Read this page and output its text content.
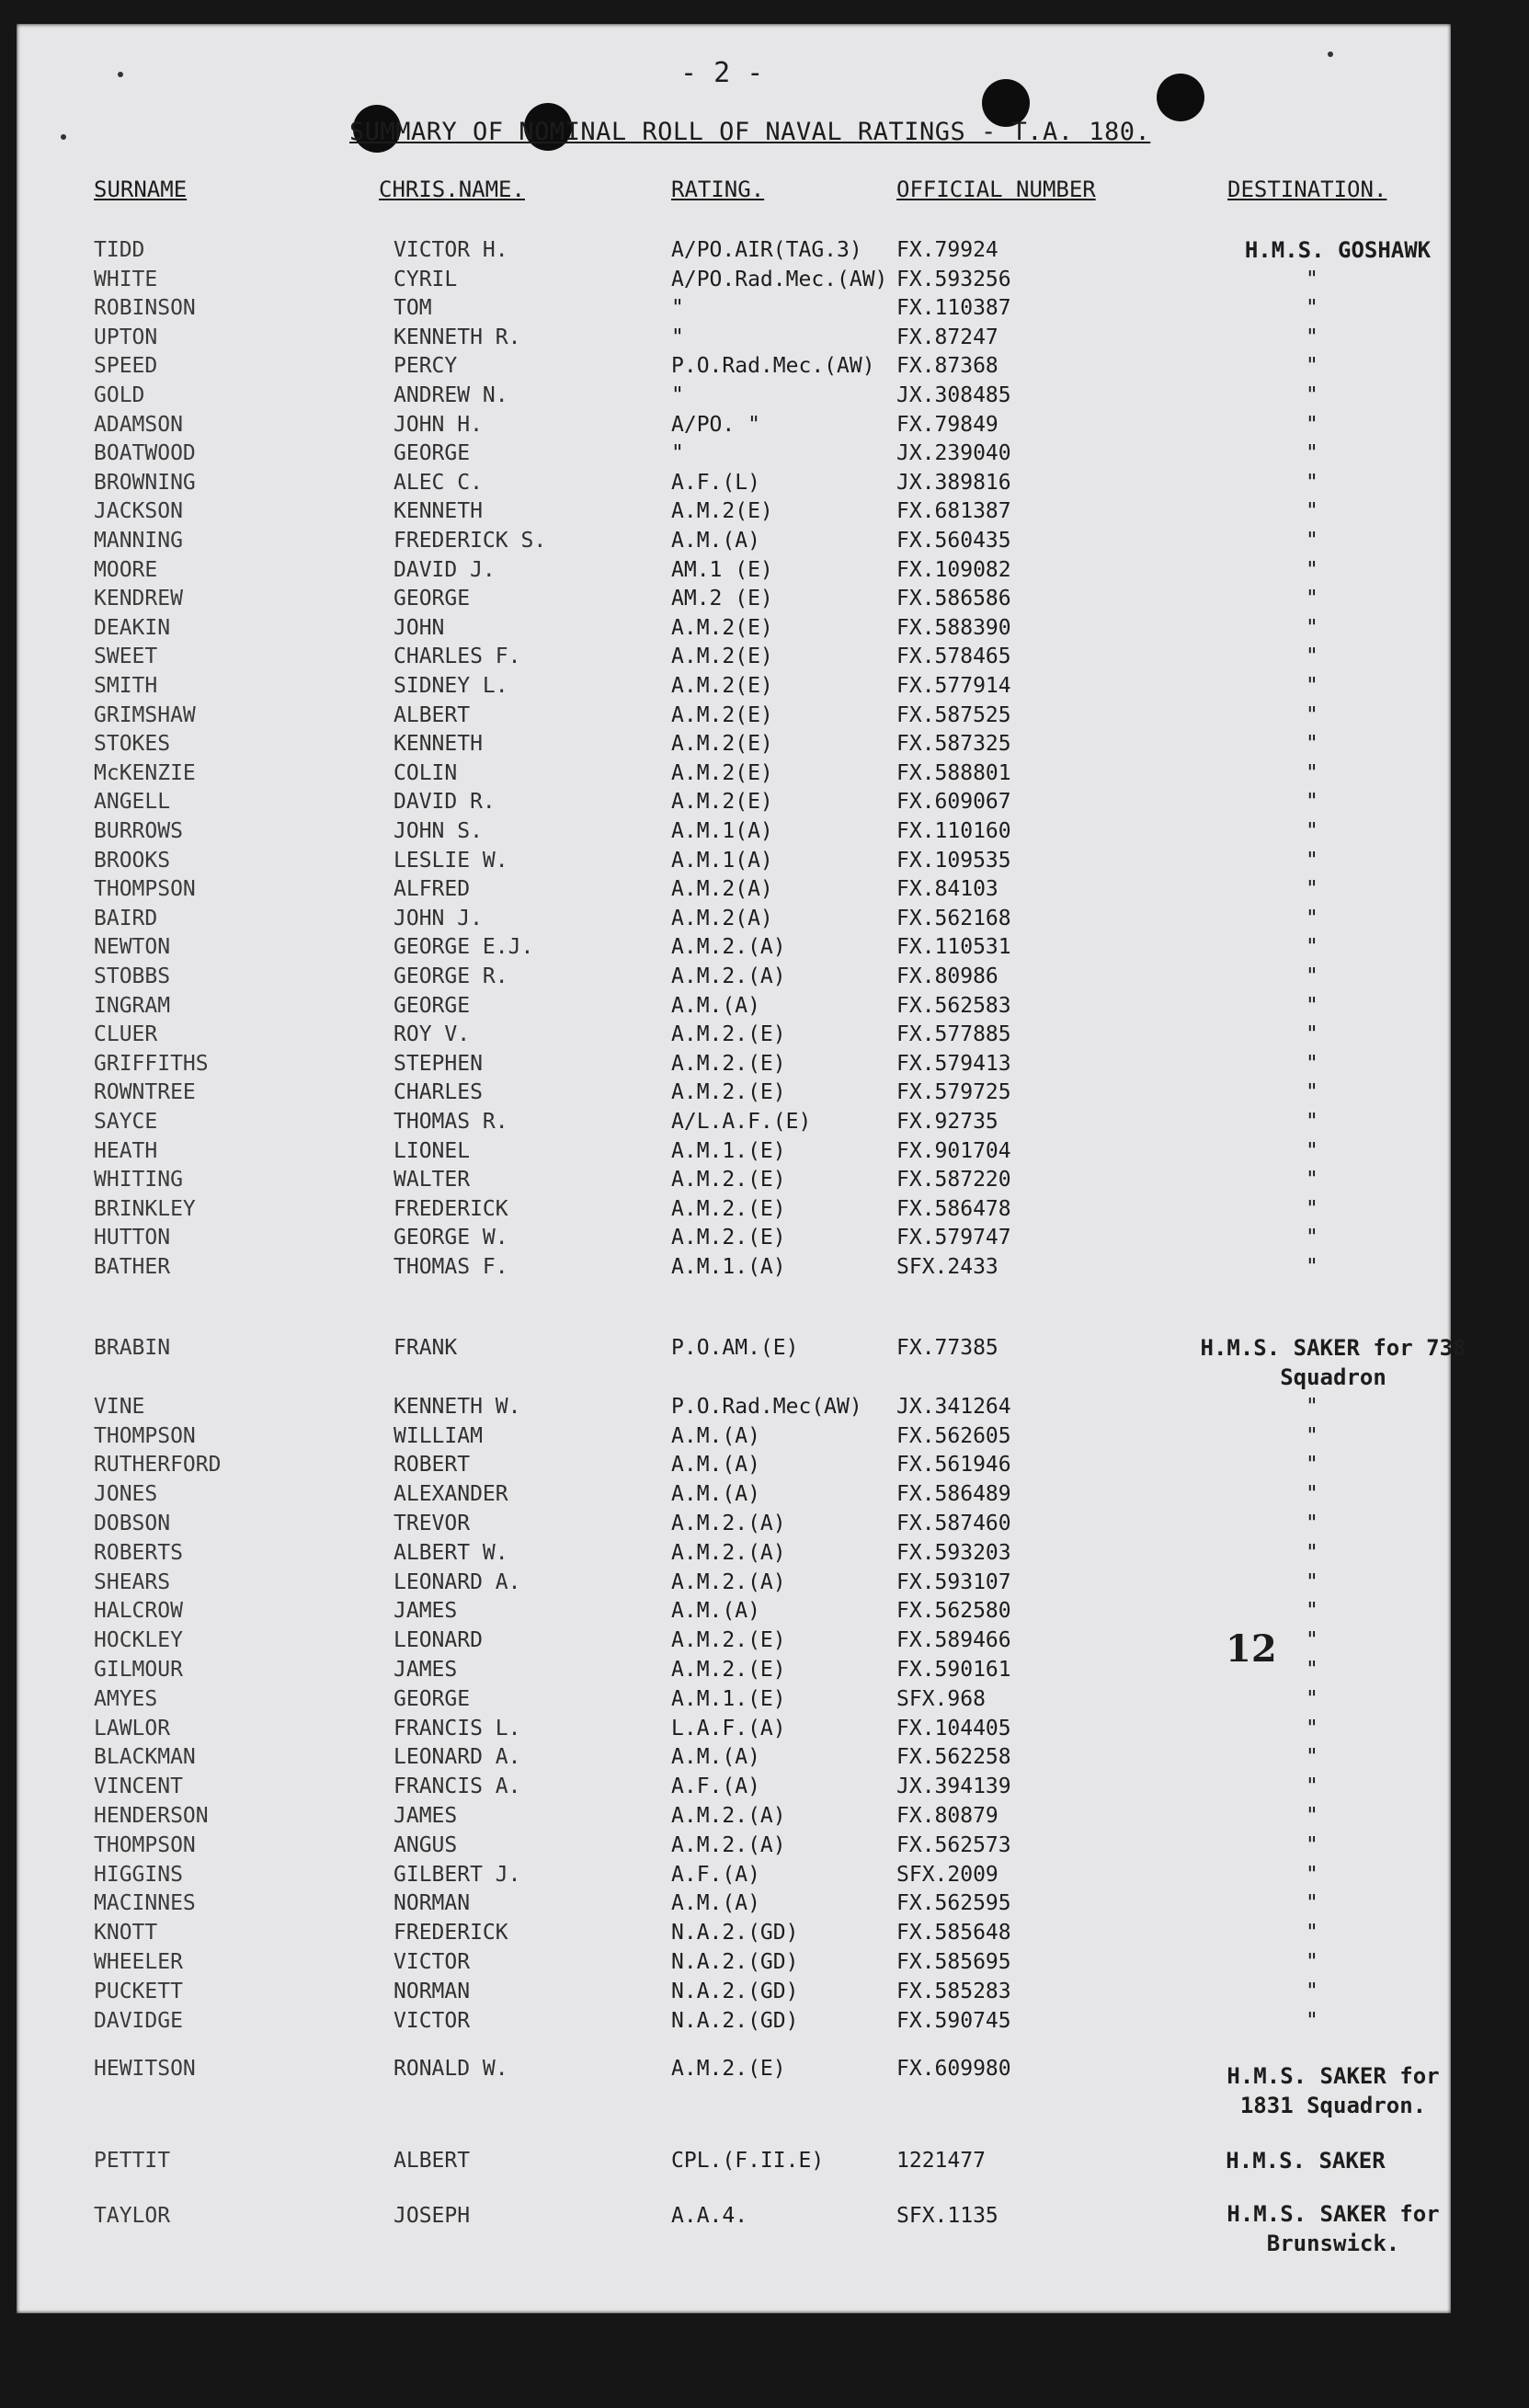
- 2 -
SUMMARY OF NOMINAL ROLL OF NAVAL RATINGS - T.A. 180.
SURNAME	CHRIS.NAME.	RATING.	OFFICIAL NUMBER	DESTINATION.
H.M.S. GOSHAWK
TIDD	VICTOR H.	A/PO.AIR(TAG.3) FX.79924
WHITE	CYRIL	A/PO.Rad.Mec.(AW) FX.593256	"
ROBINSON	TOM	"	FX.110387	"
UPTON	KENNETH R.	"	FX.87247	"
SPEED	PERCY	P.O.Rad.Mec.(AW) FX.87368	"
GOLD	ANDREW N.	"	JX.308485	"
ADAMSON	JOHN H.	A/PO. "	FX.79849	"
BOATWOOD	GEORGE	"	JX.239040	"
BROWNING	ALEC C.	A.F.(L)	JX.389816	"
JACKSON	KENNETH	A.M.2(E)	FX.681387	"
MANNING	FREDERICK S.	A.M.(A)	FX.560435	"
MOORE	DAVID J.	AM.1 (E)	FX.109082	"
KENDREW	GEORGE	AM.2 (E)	FX.586586	"
DEAKIN	JOHN	A.M.2(E)	FX.588390	"
SWEET	CHARLES F.	A.M.2(E)	FX.578465	"
SMITH	SIDNEY L.	A.M.2(E)	FX.577914	"
GRIMSHAW	ALBERT	A.M.2(E)	FX.587525	"
STOKES	KENNETH	A.M.2(E)	FX.587325	"
McKENZIE	COLIN	A.M.2(E)	FX.588801	"
ANGELL	DAVID R.	A.M.2(E)	FX.609067	"
BURROWS	JOHN S.	A.M.1(A)	FX.110160	"
BROOKS	LESLIE W.	A.M.1(A)	FX.109535	"
THOMPSON	ALFRED	A.M.2(A)	FX.84103	"
BAIRD	JOHN J.	A.M.2(A)	FX.562168	"
NEWTON	GEORGE E.J.	A.M.2.(A)	FX.110531	"
STOBBS	GEORGE R.	A.M.2.(A)	FX.80986	"
INGRAM	GEORGE	A.M.(A)	FX.562583	"
CLUER	ROY V.	A.M.2.(E)	FX.577885	"
GRIFFITHS	STEPHEN	A.M.2.(E)	FX.579413	"
ROWNTREE	CHARLES	A.M.2.(E)	FX.579725	"
SAYCE	THOMAS R.	A/L.A.F.(E)	FX.92735	"
HEATH	LIONEL	A.M.1.(E)	FX.901704	"
WHITING	WALTER	A.M.2.(E)	FX.587220	"
BRINKLEY	FREDERICK	A.M.2.(E)	FX.586478	"
HUTTON	GEORGE W.	A.M.2.(E)	FX.579747	"
BATHER	THOMAS F.	A.M.1.(A)	SFX.2433	"
H.M.S. SAKER for 738 Squadron
BRABIN	FRANK	P.O.AM.(E)	FX.77385
VINE	KENNETH W.	P.O.Rad.Mec(AW) JX.341264	"
THOMPSON	WILLIAM	A.M.(A)	FX.562605	"
RUTHERFORD	ROBERT	A.M.(A)	FX.561946	"
JONES	ALEXANDER	A.M.(A)	FX.586489	"
DOBSON	TREVOR	A.M.2.(A)	FX.587460	"
ROBERTS	ALBERT W.	A.M.2.(A)	FX.593203	"
SHEARS	LEONARD A.	A.M.2.(A)	FX.593107	"
HALCROW	JAMES	A.M.(A)	FX.562580	"
HOCKLEY	LEONARD	A.M.2.(E)	FX.589466	"
GILMOUR	JAMES	A.M.2.(E)	FX.590161	"
AMYES	GEORGE	A.M.1.(E)	SFX.968	"
LAWLOR	FRANCIS L.	L.A.F.(A)	FX.104405	"
BLACKMAN	LEONARD A.	A.M.(A)	FX.562258	"
VINCENT	FRANCIS A.	A.F.(A)	JX.394139	"
HENDERSON	JAMES	A.M.2.(A)	FX.80879	"
THOMPSON	ANGUS	A.M.2.(A)	FX.562573	"
HIGGINS	GILBERT J.	A.F.(A)	SFX.2009	"
MACINNES	NORMAN	A.M.(A)	FX.562595	"
KNOTT	FREDERICK	N.A.2.(GD)	FX.585648	"
WHEELER	VICTOR	N.A.2.(GD)	FX.585695	"
PUCKETT	NORMAN	N.A.2.(GD)	FX.585283	"
DAVIDGE	VICTOR	N.A.2.(GD)	FX.590745	"
H.M.S. SAKER for 1831 Squadron.
HEWITSON	RONALD W.	A.M.2.(E)	FX.609980
H.M.S. SAKER
PETTIT	ALBERT	CPL.(F.II.E)	1221477
H.M.S. SAKER for Brunswick.
TAYLOR	JOSEPH	A.A.4.	SFX.1135
12
